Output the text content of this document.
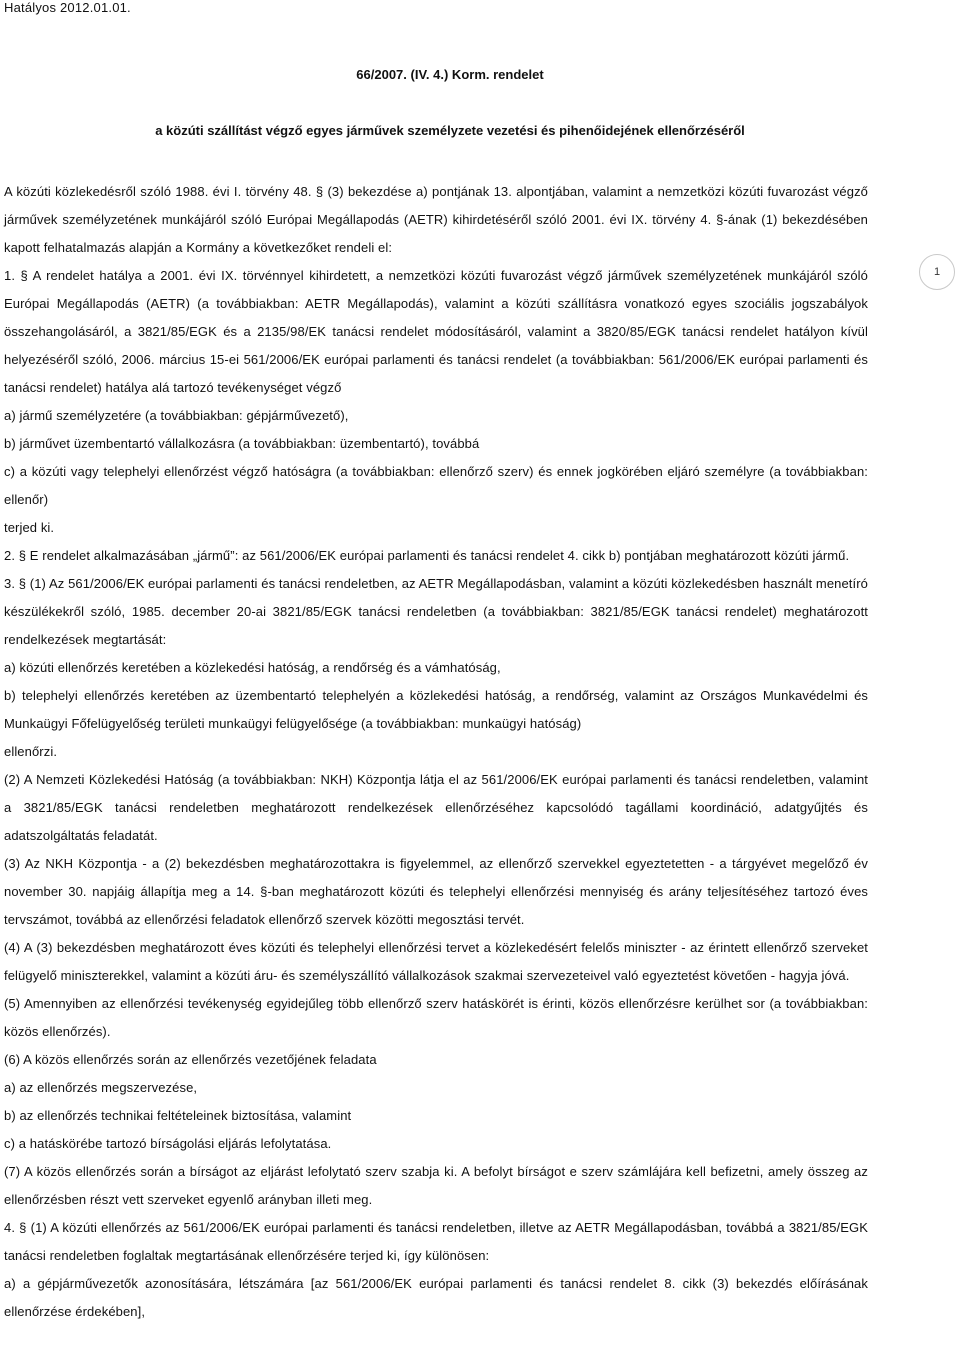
Hatályos 2012.01.01.
66/2007. (IV. 4.) Korm. rendelet
a közúti szállítást végző egyes járművek személyzete vezetési és pihenőidejének ellenőrzéséről
1

A közúti közlekedésről szóló 1988. évi I. törvény 48. § (3) bekezdése a) pontjának 13. alpontjában, valamint a nemzetközi közúti fuvarozást végző járművek személyzetének munkájáról szóló Európai Megállapodás (AETR) kihirdetéséről szóló 2001. évi IX. törvény 4. §-ának (1) bekezdésében kapott felhatalmazás alapján a Kormány a következőket rendeli el:

1. § A rendelet hatálya a 2001. évi IX. törvénnyel kihirdetett, a nemzetközi közúti fuvarozást végző járművek személyzetének munkájáról szóló Európai Megállapodás (AETR) (a továbbiakban: AETR Megállapodás), valamint a közúti szállításra vonatkozó egyes szociális jogszabályok összehangolásáról, a 3821/85/EGK és a 2135/98/EK tanácsi rendelet módosításáról, valamint a 3820/85/EGK tanácsi rendelet hatályon kívül helyezéséről szóló, 2006. március 15-ei 561/2006/EK európai parlamenti és tanácsi rendelet (a továbbiakban: 561/2006/EK európai parlamenti és tanácsi rendelet) hatálya alá tartozó tevékenységet végző

a) jármű személyzetére (a továbbiakban: gépjárművezető),

b) járművet üzembentartó vállalkozásra (a továbbiakban: üzembentartó), továbbá

c) a közúti vagy telephelyi ellenőrzést végző hatóságra (a továbbiakban: ellenőrző szerv) és ennek jogkörében eljáró személyre (a továbbiakban: ellenőr)

terjed ki.

2. § E rendelet alkalmazásában „jármű”: az 561/2006/EK európai parlamenti és tanácsi rendelet 4. cikk b) pontjában meghatározott közúti jármű.

3. § (1) Az 561/2006/EK európai parlamenti és tanácsi rendeletben, az AETR Megállapodásban, valamint a közúti közlekedésben használt menetíró készülékekről szóló, 1985. december 20-ai 3821/85/EGK tanácsi rendeletben (a továbbiakban: 3821/85/EGK tanácsi rendelet) meghatározott rendelkezések megtartását:

a) közúti ellenőrzés keretében a közlekedési hatóság, a rendőrség és a vámhatóság,

b) telephelyi ellenőrzés keretében az üzembentartó telephelyén a közlekedési hatóság, a rendőrség, valamint az Országos Munkavédelmi és Munkaügyi Főfelügyelőség területi munkaügyi felügyelősége (a továbbiakban: munkaügyi hatóság)

ellenőrzi.

(2) A Nemzeti Közlekedési Hatóság (a továbbiakban: NKH) Központja látja el az 561/2006/EK európai parlamenti és tanácsi rendeletben, valamint a 3821/85/EGK tanácsi rendeletben meghatározott rendelkezések ellenőrzéséhez kapcsolódó tagállami koordináció, adatgyűjtés és adatszolgáltatás feladatát.

(3) Az NKH Központja - a (2) bekezdésben meghatározottakra is figyelemmel, az ellenőrző szervekkel egyeztetetten - a tárgyévet megelőző év november 30. napjáig állapítja meg a 14. §-ban meghatározott közúti és telephelyi ellenőrzési mennyiség és arány teljesítéséhez tartozó éves tervszámot, továbbá az ellenőrzési feladatok ellenőrző szervek közötti megosztási tervét.

(4) A (3) bekezdésben meghatározott éves közúti és telephelyi ellenőrzési tervet a közlekedésért felelős miniszter - az érintett ellenőrző szerveket felügyelő miniszterekkel, valamint a közúti áru- és személyszállító vállalkozások szakmai szervezeteivel való egyeztetést követően - hagyja jóvá.

(5) Amennyiben az ellenőrzési tevékenység egyidejűleg több ellenőrző szerv hatáskörét is érinti, közös ellenőrzésre kerülhet sor (a továbbiakban: közös ellenőrzés).

(6) A közös ellenőrzés során az ellenőrzés vezetőjének feladata

a) az ellenőrzés megszervezése,

b) az ellenőrzés technikai feltételeinek biztosítása, valamint

c) a hatáskörébe tartozó bírságolási eljárás lefolytatása.

(7) A közös ellenőrzés során a bírságot az eljárást lefolytató szerv szabja ki. A befolyt bírságot e szerv számlájára kell befizetni, amely összeg az ellenőrzésben részt vett szerveket egyenlő arányban illeti meg.

4. § (1) A közúti ellenőrzés az 561/2006/EK európai parlamenti és tanácsi rendeletben, illetve az AETR Megállapodásban, továbbá a 3821/85/EGK tanácsi rendeletben foglaltak megtartásának ellenőrzésére terjed ki, így különösen:

a) a gépjárművezetők azonosítására, létszámára [az 561/2006/EK európai parlamenti és tanácsi rendelet 8. cikk (3) bekezdés előírásának ellenőrzése érdekében],
